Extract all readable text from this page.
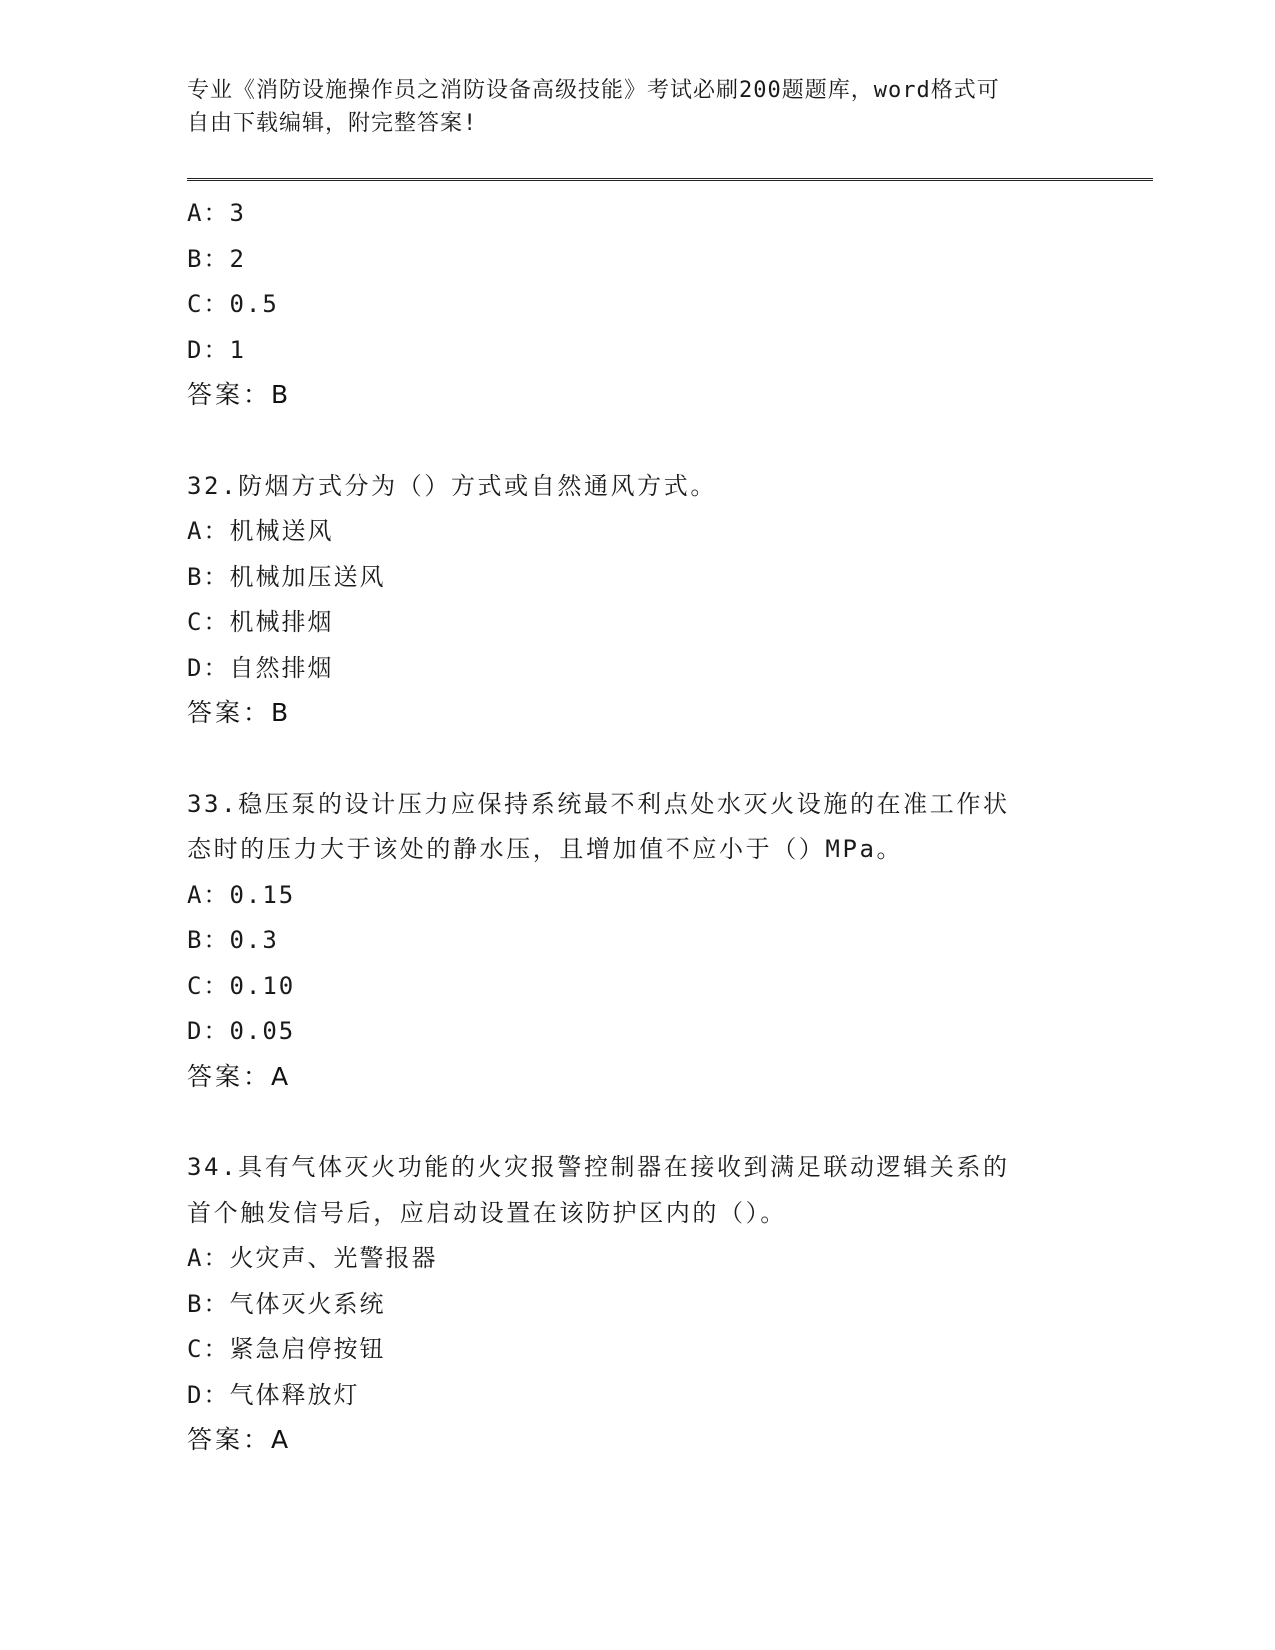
专业《消防设施操作员之消防设备高级技能》考试必刷200题题库，word格式可
自由下载编辑，附完整答案!
A：3
B：2
C：0.5
D：1
答案：B
32.防烟方式分为（）方式或自然通风方式。
A：机械送风
B：机械加压送风
C：机械排烟
D：自然排烟
答案：B
33.稳压泵的设计压力应保持系统最不利点处水灭火设施的在准工作状
态时的压力大于该处的静水压，且增加值不应小于（）MPa。
A：0.15
B：0.3
C：0.10
D：0.05
答案：A
34.具有气体灭火功能的火灾报警控制器在接收到满足联动逻辑关系的
首个触发信号后，应启动设置在该防护区内的（）。
A：火灾声、光警报器
B：气体灭火系统
C：紧急启停按钮
D：气体释放灯
答案：A
